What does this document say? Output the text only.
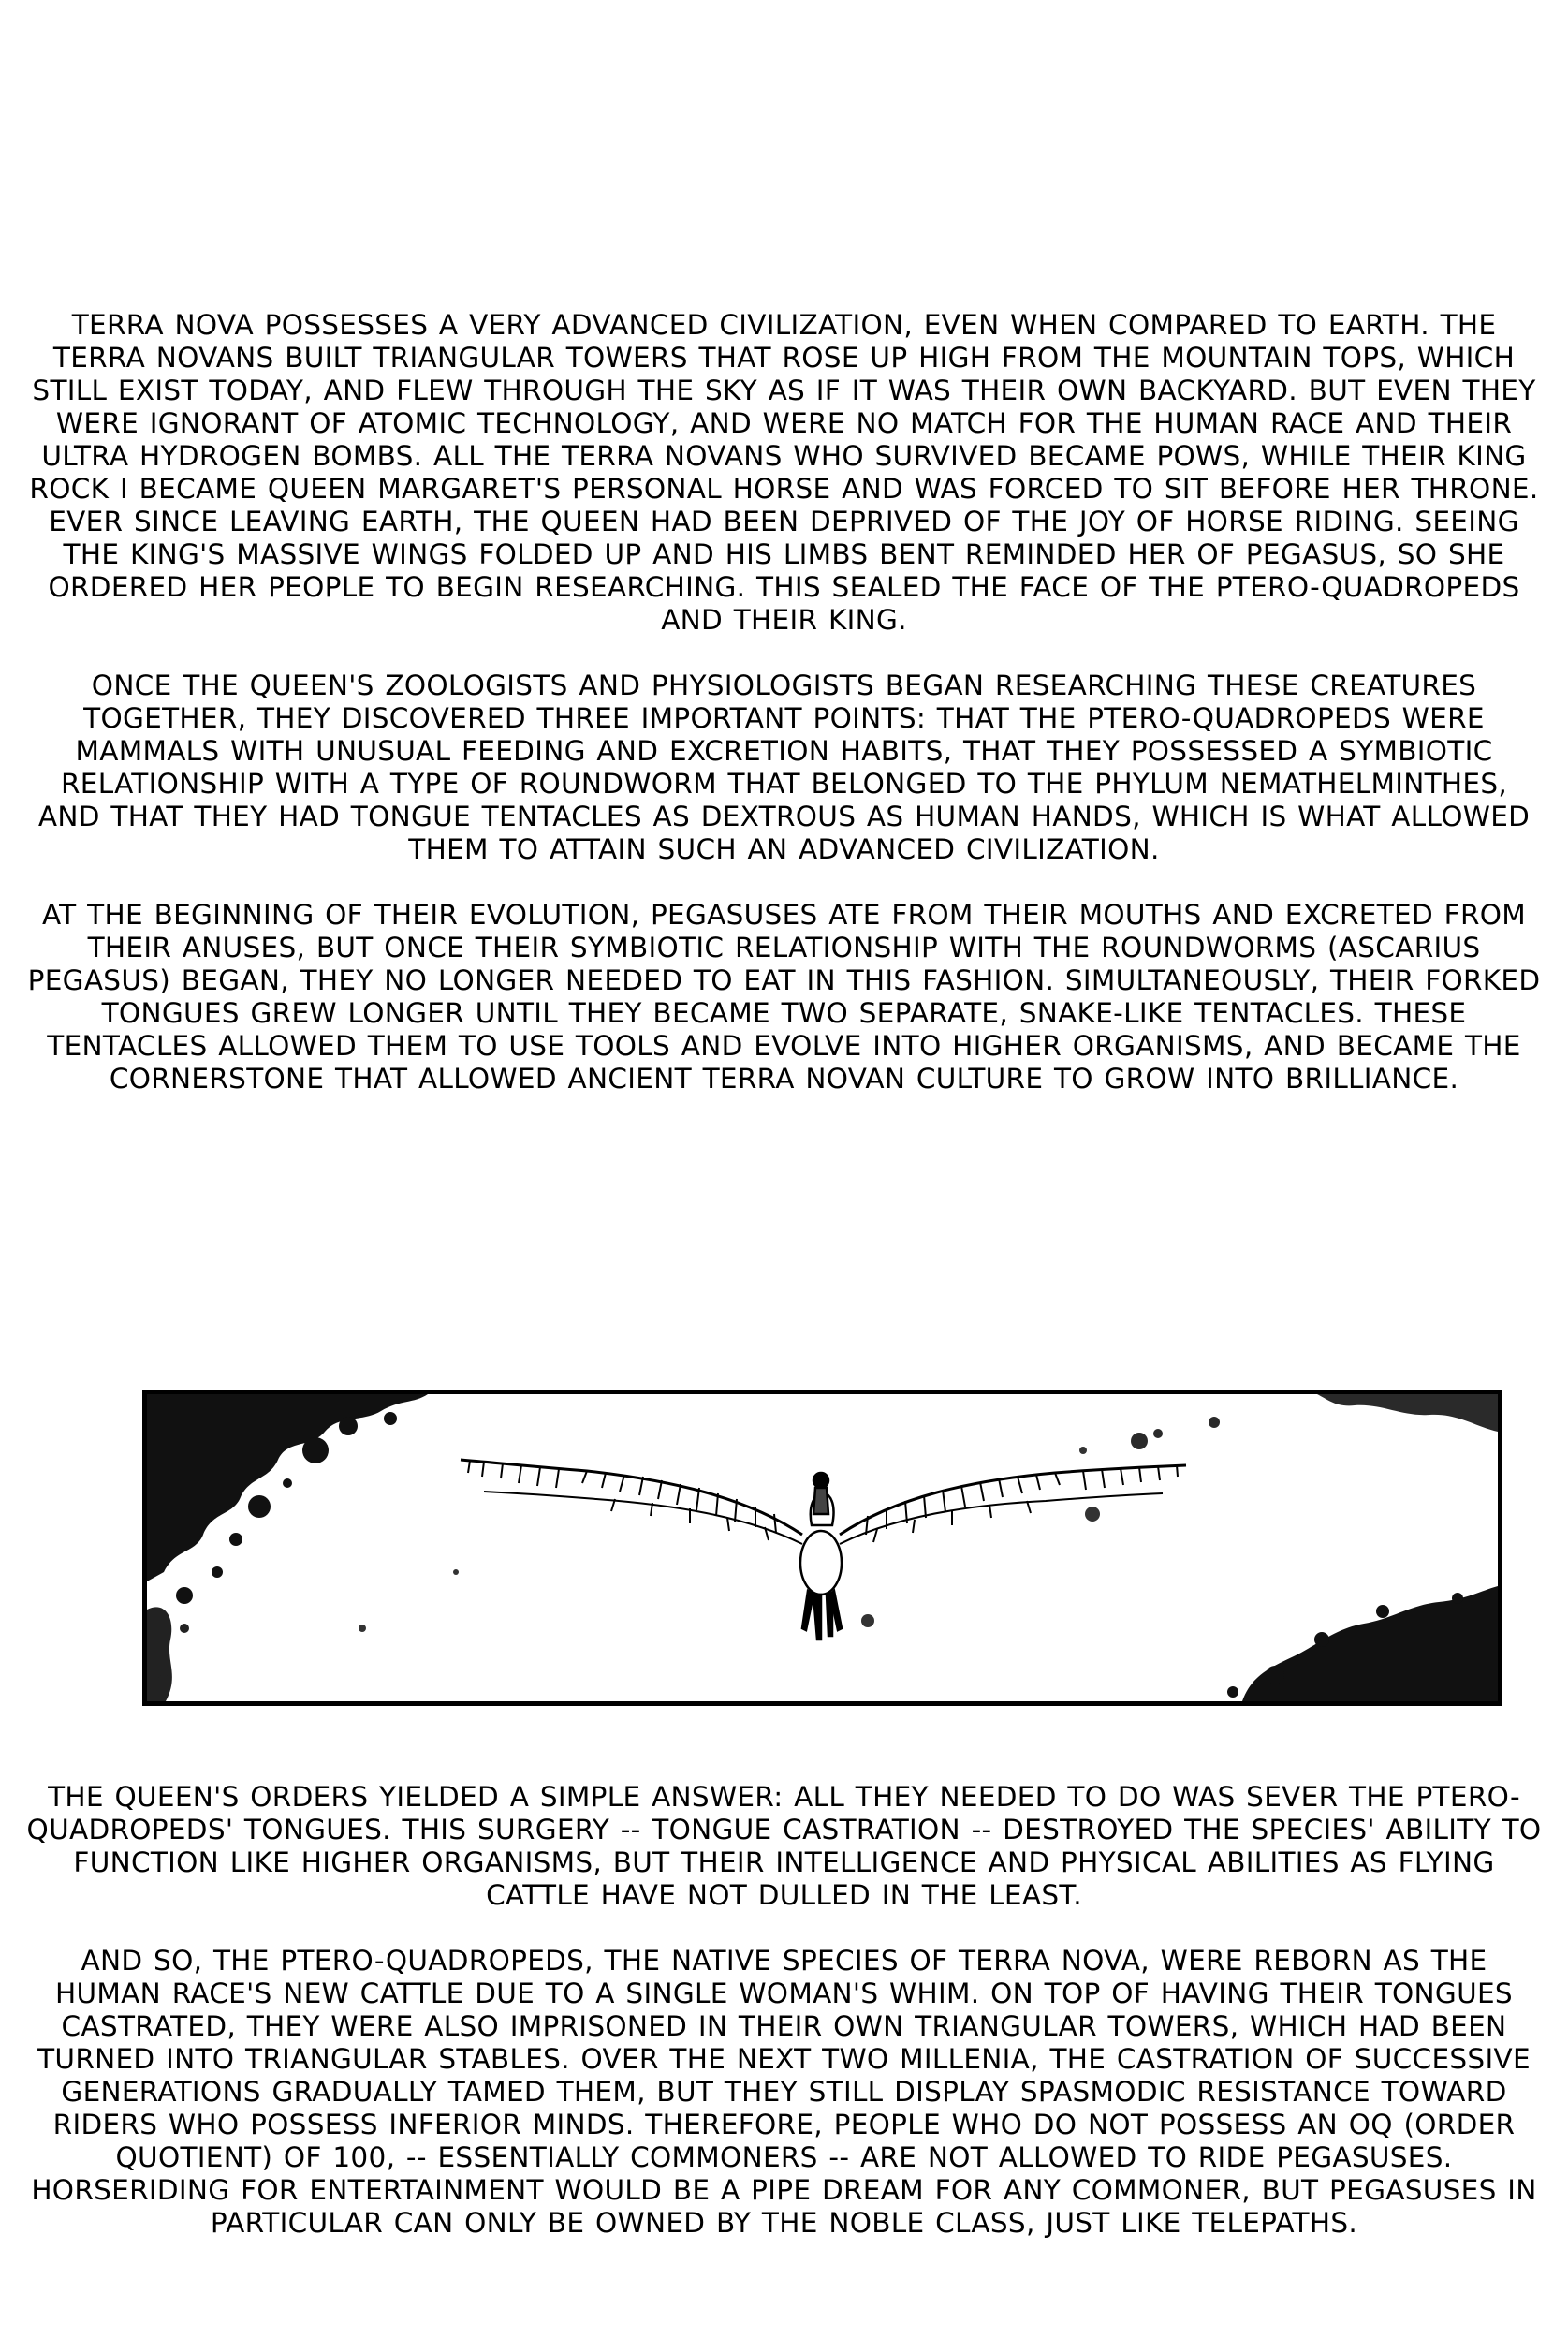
TERRA NOVA POSSESSES A VERY ADVANCED CIVILIZATION, EVEN WHEN COMPARED TO EARTH. THE TERRA NOVANS BUILT TRIANGULAR TOWERS THAT ROSE UP HIGH FROM THE MOUNTAIN TOPS, WHICH STILL EXIST TODAY, AND FLEW THROUGH THE SKY AS IF IT WAS THEIR OWN BACKYARD. BUT EVEN THEY WERE IGNORANT OF ATOMIC TECHNOLOGY, AND WERE NO MATCH FOR THE HUMAN RACE AND THEIR ULTRA HYDROGEN BOMBS. ALL THE TERRA NOVANS WHO SURVIVED BECAME POWS, WHILE THEIR KING ROCK I BECAME QUEEN MARGARET'S PERSONAL HORSE AND WAS FORCED TO SIT BEFORE HER THRONE. EVER SINCE LEAVING EARTH, THE QUEEN HAD BEEN DEPRIVED OF THE JOY OF HORSE RIDING. SEEING THE KING'S MASSIVE WINGS FOLDED UP AND HIS LIMBS BENT REMINDED HER OF PEGASUS, SO SHE ORDERED HER PEOPLE TO BEGIN RESEARCHING. THIS SEALED THE FACE OF THE PTERO-QUADROPEDS AND THEIR KING.

ONCE THE QUEEN'S ZOOLOGISTS AND PHYSIOLOGISTS BEGAN RESEARCHING THESE CREATURES TOGETHER, THEY DISCOVERED THREE IMPORTANT POINTS: THAT THE PTERO-QUADROPEDS WERE MAMMALS WITH UNUSUAL FEEDING AND EXCRETION HABITS, THAT THEY POSSESSED A SYMBIOTIC RELATIONSHIP WITH A TYPE OF ROUNDWORM THAT BELONGED TO THE PHYLUM NEMATHELMINTHES, AND THAT THEY HAD TONGUE TENTACLES AS DEXTROUS AS HUMAN HANDS, WHICH IS WHAT ALLOWED THEM TO ATTAIN SUCH AN ADVANCED CIVILIZATION.

AT THE BEGINNING OF THEIR EVOLUTION, PEGASUSES ATE FROM THEIR MOUTHS AND EXCRETED FROM THEIR ANUSES, BUT ONCE THEIR SYMBIOTIC RELATIONSHIP WITH THE ROUNDWORMS (ASCARIUS PEGASUS) BEGAN, THEY NO LONGER NEEDED TO EAT IN THIS FASHION. SIMULTANEOUSLY, THEIR FORKED TONGUES GREW LONGER UNTIL THEY BECAME TWO SEPARATE, SNAKE-LIKE TENTACLES. THESE TENTACLES ALLOWED THEM TO USE TOOLS AND EVOLVE INTO HIGHER ORGANISMS, AND BECAME THE CORNERSTONE THAT ALLOWED ANCIENT TERRA NOVAN CULTURE TO GROW INTO BRILLIANCE.

THE QUEEN'S ORDERS YIELDED A SIMPLE ANSWER: ALL THEY NEEDED TO DO WAS SEVER THE PTERO-QUADROPEDS' TONGUES. THIS SURGERY -- TONGUE CASTRATION -- DESTROYED THE SPECIES' ABILITY TO FUNCTION LIKE HIGHER ORGANISMS, BUT THEIR INTELLIGENCE AND PHYSICAL ABILITIES AS FLYING CATTLE HAVE NOT DULLED IN THE LEAST.

AND SO, THE PTERO-QUADROPEDS, THE NATIVE SPECIES OF TERRA NOVA, WERE REBORN AS THE HUMAN RACE'S NEW CATTLE DUE TO A SINGLE WOMAN'S WHIM. ON TOP OF HAVING THEIR TONGUES CASTRATED, THEY WERE ALSO IMPRISONED IN THEIR OWN TRIANGULAR TOWERS, WHICH HAD BEEN TURNED INTO TRIANGULAR STABLES. OVER THE NEXT TWO MILLENIA, THE CASTRATION OF SUCCESSIVE GENERATIONS GRADUALLY TAMED THEM, BUT THEY STILL DISPLAY SPASMODIC RESISTANCE TOWARD RIDERS WHO POSSESS INFERIOR MINDS. THEREFORE, PEOPLE WHO DO NOT POSSESS AN OQ (ORDER QUOTIENT) OF 100, -- ESSENTIALLY COMMONERS -- ARE NOT ALLOWED TO RIDE PEGASUSES. HORSERIDING FOR ENTERTAINMENT WOULD BE A PIPE DREAM FOR ANY COMMONER, BUT PEGASUSES IN PARTICULAR CAN ONLY BE OWNED BY THE NOBLE CLASS, JUST LIKE TELEPATHS.
